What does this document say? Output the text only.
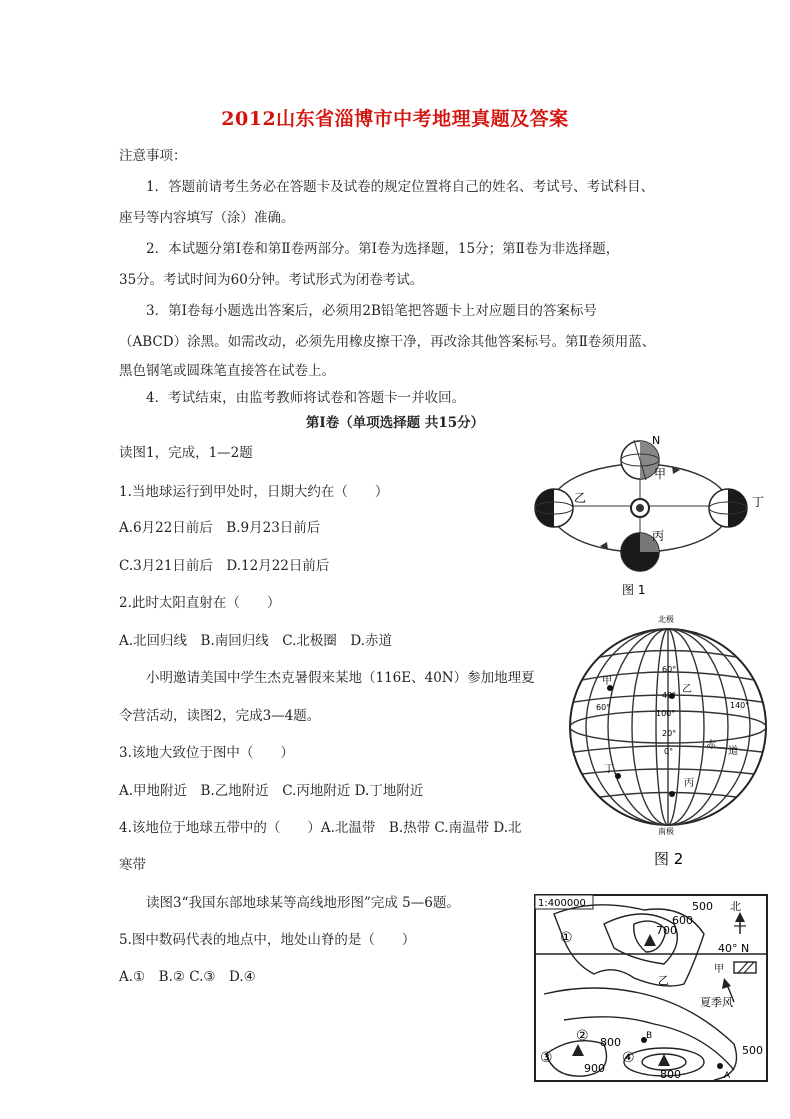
2012山东省淄博市中考地理真题及答案
注意事项：
1．答题前请考生务必在答题卡及试卷的规定位置将自己的姓名、考试号、考试科目、
座号等内容填写（涂）准确。
2．本试题分第Ⅰ卷和第Ⅱ卷两部分。第Ⅰ卷为选择题，15分；第Ⅱ卷为非选择题，
35分。考试时间为60分钟。考试形式为闭卷考试。
3．第Ⅰ卷每小题选出答案后，必须用2B铅笔把答题卡上对应题目的答案标号
（ABCD）涂黑。如需改动，必须先用橡皮擦干净，再改涂其他答案标号。第Ⅱ卷须用蓝、
黑色钢笔或圆珠笔直接答在试卷上。
4．考试结束，由监考教师将试卷和答题卡一并收回。
第Ⅰ卷（单项选择题 共15分）
读图1，完成，1—2题
1.当地球运行到甲处时，日期大约在（　　）
A.6月22日前后　B.9月23日前后
C.3月21日前后　D.12月22日前后
2.此时太阳直射在（　　）
A.北回归线　B.南回归线　C.北极圈　D.赤道
小明邀请美国中学生杰克暑假来某地（116E、40N）参加地理夏
令营活动，读图2，完成3—4题。
3.该地大致位于图中（　　）
A.甲地附近　B.乙地附近　C.丙地附近 D.丁地附近
4.该地位于地球五带中的（　　）A.北温带　B.热带 C.南温带 D.北
寒带
读图3“我国东部地球某等高线地形图”完成 5—6题。
5.图中数码代表的地点中，地处山脊的是（　　）
A.①　B.② C.③　D.④
N
甲
乙
丙
丁
图 1
北极
甲
乙
丙
丁
60°
100°
140°
60°
40°
20°
0°
赤
道
南极
图 2
1:400000	500
600
700
800
900	800
500
①
②
③	④
B
A
乙
北
40° N
甲
夏季风
